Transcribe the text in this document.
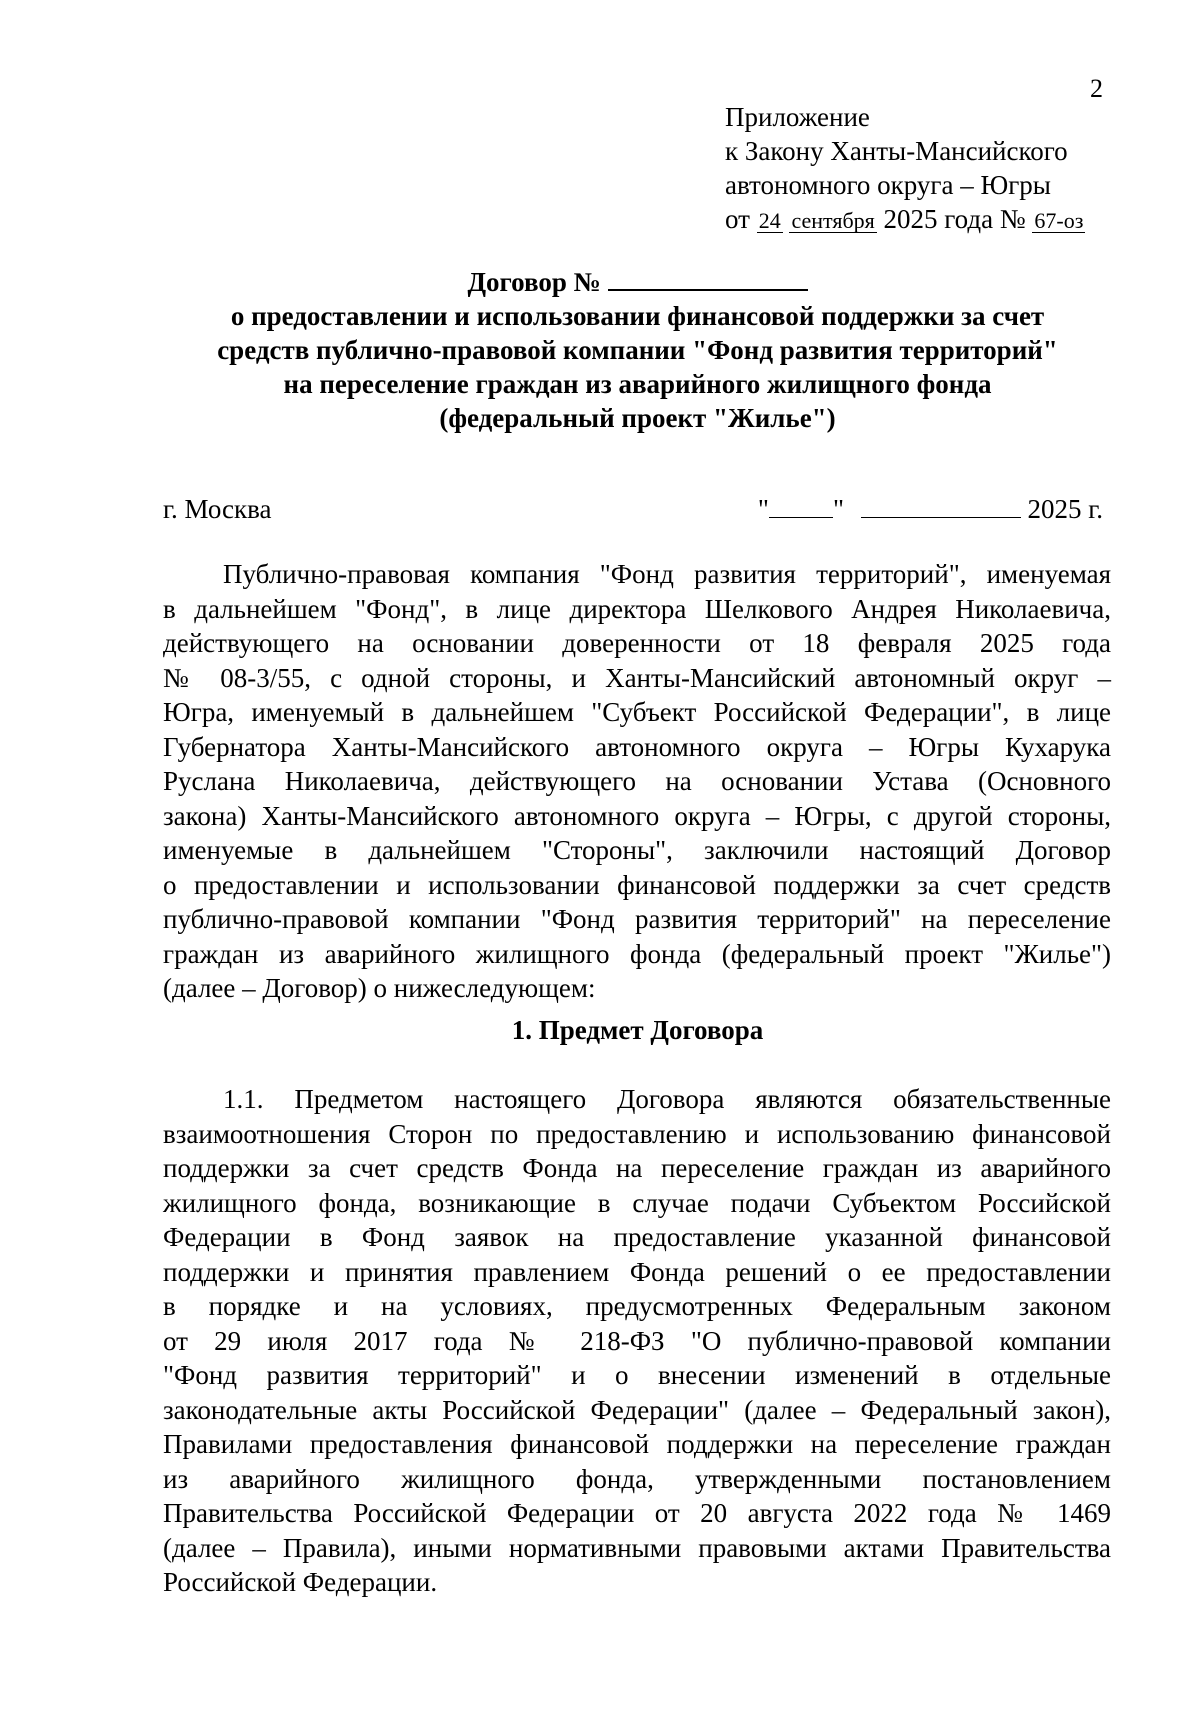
2
Приложение
к Закону Ханты-Мансийского
автономного округа – Югры
от 24 сентября 2025 года № 67-оз
Договор №
о предоставлении и использовании финансовой поддержки за счет
средств публично-правовой компании "Фонд развития территорий"
на переселение граждан из аварийного жилищного фонда
(федеральный проект "Жилье")
г. Москва	" "	2025 г.
Публично-правовая компания "Фонд развития территорий", именуемая
в дальнейшем "Фонд", в лице директора Шелкового Андрея Николаевича,
действующего на основании доверенности от 18 февраля 2025 года
№ 08-3/55, с одной стороны, и Ханты-Мансийский автономный округ –
Югра, именуемый в дальнейшем "Субъект Российской Федерации", в лице
Губернатора Ханты-Мансийского автономного округа – Югры Кухарука
Руслана Николаевича, действующего на основании Устава (Основного
закона) Ханты-Мансийского автономного округа – Югры, с другой стороны,
именуемые в дальнейшем "Стороны", заключили настоящий Договор
о предоставлении и использовании финансовой поддержки за счет средств
публично-правовой компании "Фонд развития территорий" на переселение
граждан из аварийного жилищного фонда (федеральный проект "Жилье")
(далее – Договор) о нижеследующем:
1. Предмет Договора
1.1. Предметом настоящего Договора являются обязательственные
взаимоотношения Сторон по предоставлению и использованию финансовой
поддержки за счет средств Фонда на переселение граждан из аварийного
жилищного фонда, возникающие в случае подачи Субъектом Российской
Федерации в Фонд заявок на предоставление указанной финансовой
поддержки и принятия правлением Фонда решений о ее предоставлении
в порядке и на условиях, предусмотренных Федеральным законом
от 29 июля 2017 года № 218-ФЗ "О публично-правовой компании
"Фонд развития территорий" и о внесении изменений в отдельные
законодательные акты Российской Федерации" (далее – Федеральный закон),
Правилами предоставления финансовой поддержки на переселение граждан
из аварийного жилищного фонда, утвержденными постановлением
Правительства Российской Федерации от 20 августа 2022 года № 1469
(далее – Правила), иными нормативными правовыми актами Правительства
Российской Федерации.
